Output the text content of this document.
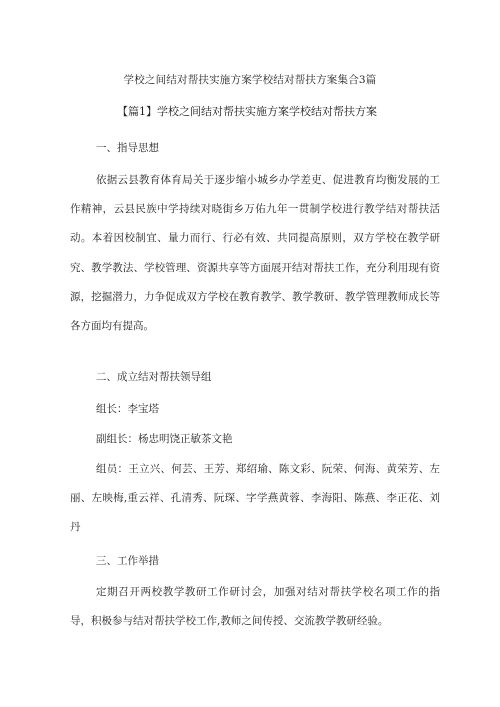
学校之间结对帮扶实施方案学校结对帮扶方案集合3篇
【篇1】学校之间结对帮扶实施方案学校结对帮扶方案
一、指导思想
依据云县教育体育局关于逐步缩小城乡办学差吏、促进教育均衡发展的工作精神，云县民族中学持续对晓街乡万佑九年一贯制学校进行教学结对帮扶活动。本着因校制宜、量力而行、行必有效、共同提高原则，双方学校在教学研究、教学教法、学校管理、资源共享等方面展开结对帮扶工作，充分利用现有资源，挖掘潜力，力争促成双方学校在教育教学、教学教研、教学管理教师成长等各方面均有提高。
二、成立结对帮扶领导组
组长：李宝塔
副组长：杨忠明饶正敏茶文艳
组员：王立兴、何芸、王芳、郑绍瑜、陈文彩、阮荣、何海、黄荣芳、左丽、左映梅,重云祥、孔清秀、阮琛、字学燕黄蓉、李海阳、陈燕、李正花、刘丹
三、工作举措
定期召开两校教学教研工作研讨会，加强对结对帮扶学校名项工作的指导，积极参与结对帮扶学校工作,教师之间传授、交流教学教研经验。
